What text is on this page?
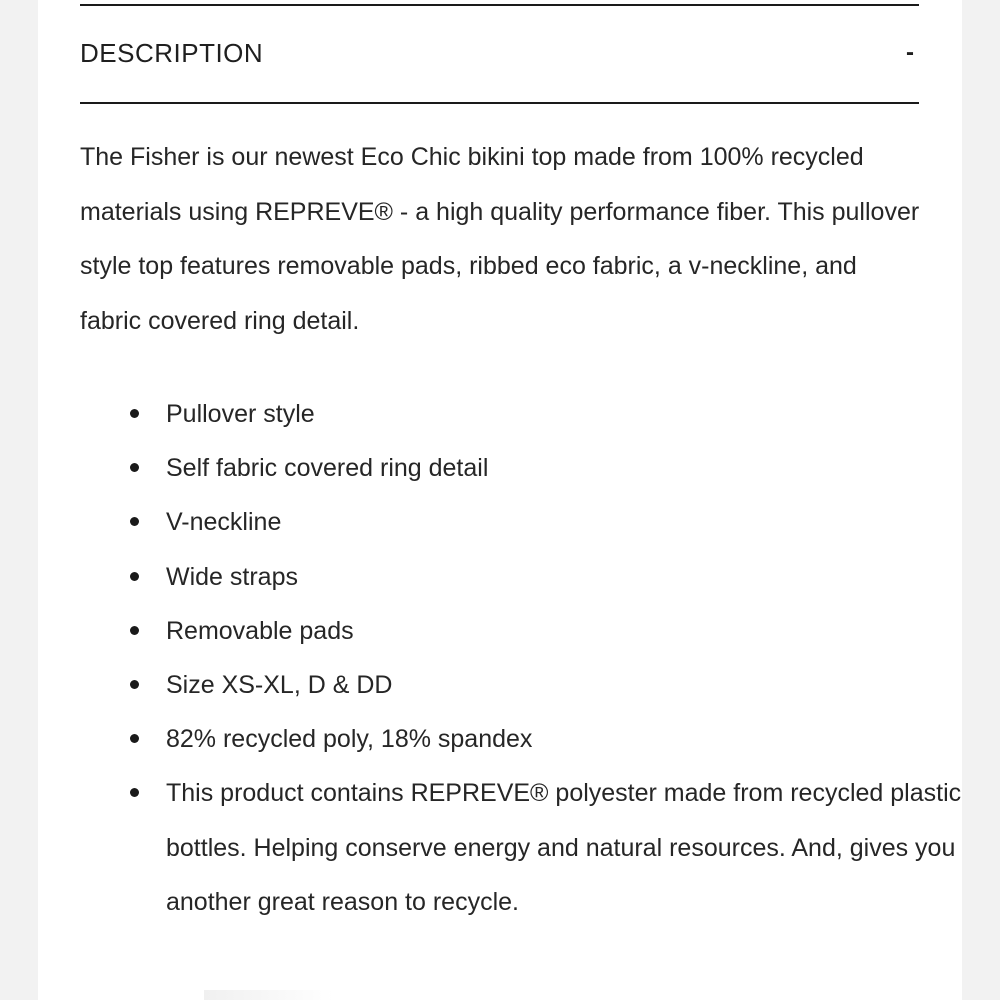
DESCRIPTION	-

The Fisher is our newest Eco Chic bikini top made from 100% recycled materials using REPREVE® - a high quality performance fiber. This pullover style top features removable pads, ribbed eco fabric, a v-neckline, and fabric covered ring detail.

Pullover style
Self fabric covered ring detail
V-neckline
Wide straps
Removable pads
Size XS-XL, D & DD
82% recycled poly, 18% spandex
This product contains REPREVE® polyester made from recycled plastic bottles. Helping conserve energy and natural resources. And, gives you another great reason to recycle.
